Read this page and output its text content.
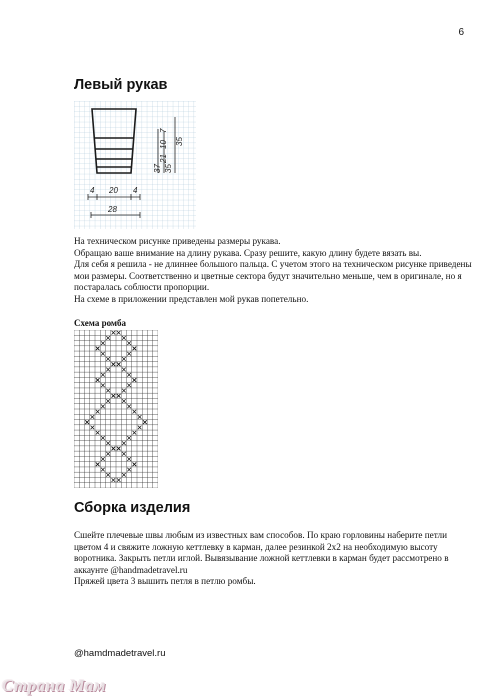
6
Левый рукав
7
10
21
35
35
37
4 20 4
28
На техническом рисунке приведены размеры рукава.
Обращаю ваше внимание на длину рукава. Сразу решите, какую длину будете вязать вы.
Для себя я решила - не длиннее большого пальца. С учетом этого на техническом рисунке приведены мои размеры. Соответственно и цветные сектора будут значительно меньше, чем в оригинале, но я постаралась соблюсти пропорции.
На схеме в приложении представлен мой рукав попетельно.
Схема ромба
Сборка изделия
Сшейте плечевые швы любым из известных вам способов. По краю горловины наберите петли цветом 4 и свяжите ложную кеттлевку в карман, далее резинкой 2х2 на необходимую высоту воротника. Закрыть петли иглой. Вывязывание ложной кеттлевки в карман будет рассмотрено в аккаунте @handmadetravel.ru
Пряжей цвета 3 вышить петля в петлю ромбы.
@hamdmadetravel.ru
Страна Мам
